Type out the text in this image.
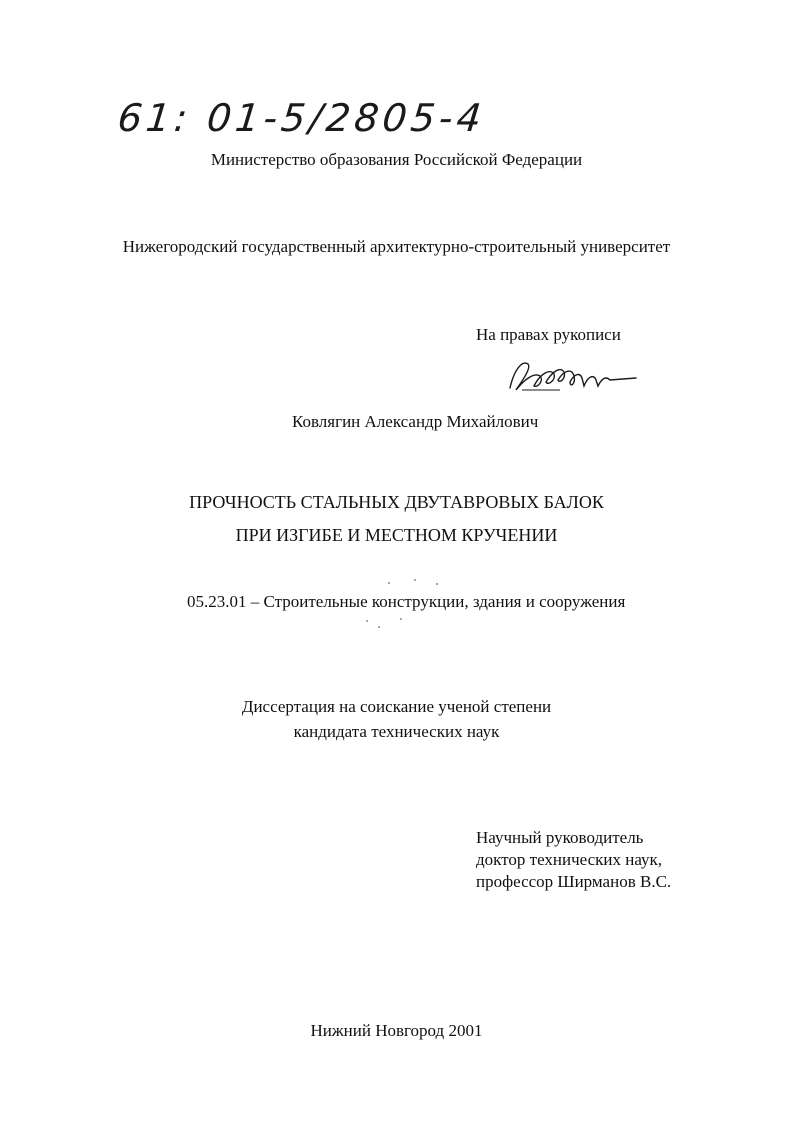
61: 01-5/2805-4
Министерство образования Российской Федерации
Нижегородский государственный архитектурно-строительный университет
На правах рукописи
Ковлягин Александр Михайлович
ПРОЧНОСТЬ СТАЛЬНЫХ ДВУТАВРОВЫХ БАЛОК
ПРИ ИЗГИБЕ И МЕСТНОМ КРУЧЕНИИ
05.23.01 – Строительные конструкции, здания и сооружения
Диссертация на соискание ученой степени
кандидата технических наук
Научный руководитель
доктор технических наук,
профессор Ширманов В.С.
Нижний Новгород 2001
